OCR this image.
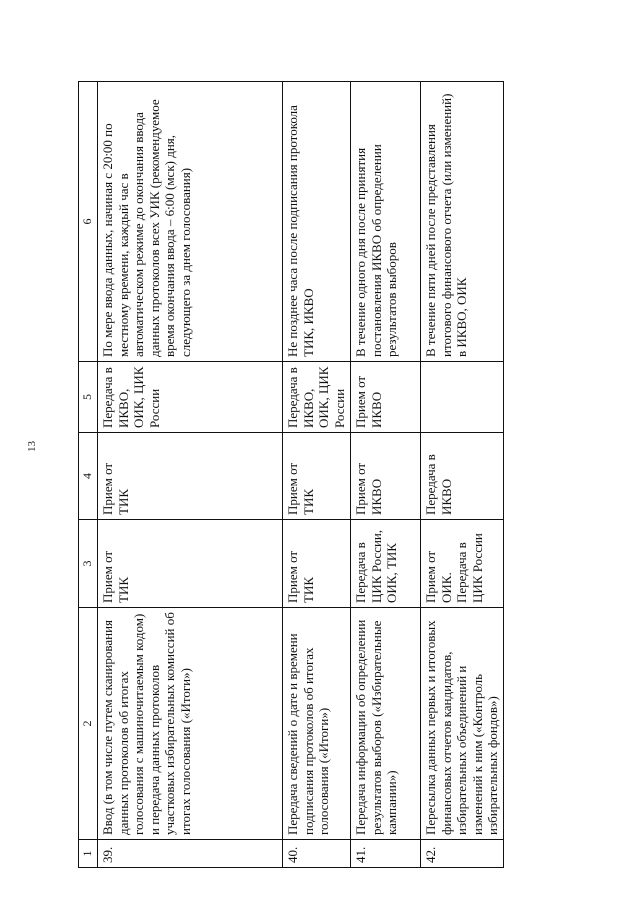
13
1	2	3	4	5	6
39.	Ввод (в том числе путем сканирования данных протоколов об итогах голосования с машиночитаемым кодом) и передача данных протоколов участковых избирательных комиссий об итогах голосования («Итоги»)	Прием от ТИК	Прием от ТИК	Передача в ИКВО, ОИК, ЦИК России	По мере ввода данных, начиная с 20:00 по местному времени, каждый час в автоматическом режиме до окончания ввода данных протоколов всех УИК (рекомендуемое время окончания ввода – 6:00 (мск) дня, следующего за днем голосования)
40.	Передача сведений о дате и времени подписания протоколов об итогах голосования («Итоги»)	Прием от ТИК	Прием от ТИК	Передача в ИКВО, ОИК, ЦИК России	Не позднее часа после подписания протокола ТИК, ИКВО
41.	Передача информации об определении результатов выборов («Избирательные кампании»)	Передача в ЦИК России, ОИК, ТИК	Прием от ИКВО	Прием от ИКВО	В течение одного дня после принятия постановления ИКВО об определении результатов выборов
42.	Пересылка данных первых и итоговых финансовых отчетов кандидатов, избирательных объединений и изменений к ним («Контроль избирательных фондов»)	Прием от ОИК. Передача в ЦИК России	Передача в ИКВО		В течение пяти дней после представления итогового финансового отчета (или изменений) в ИКВО, ОИК
